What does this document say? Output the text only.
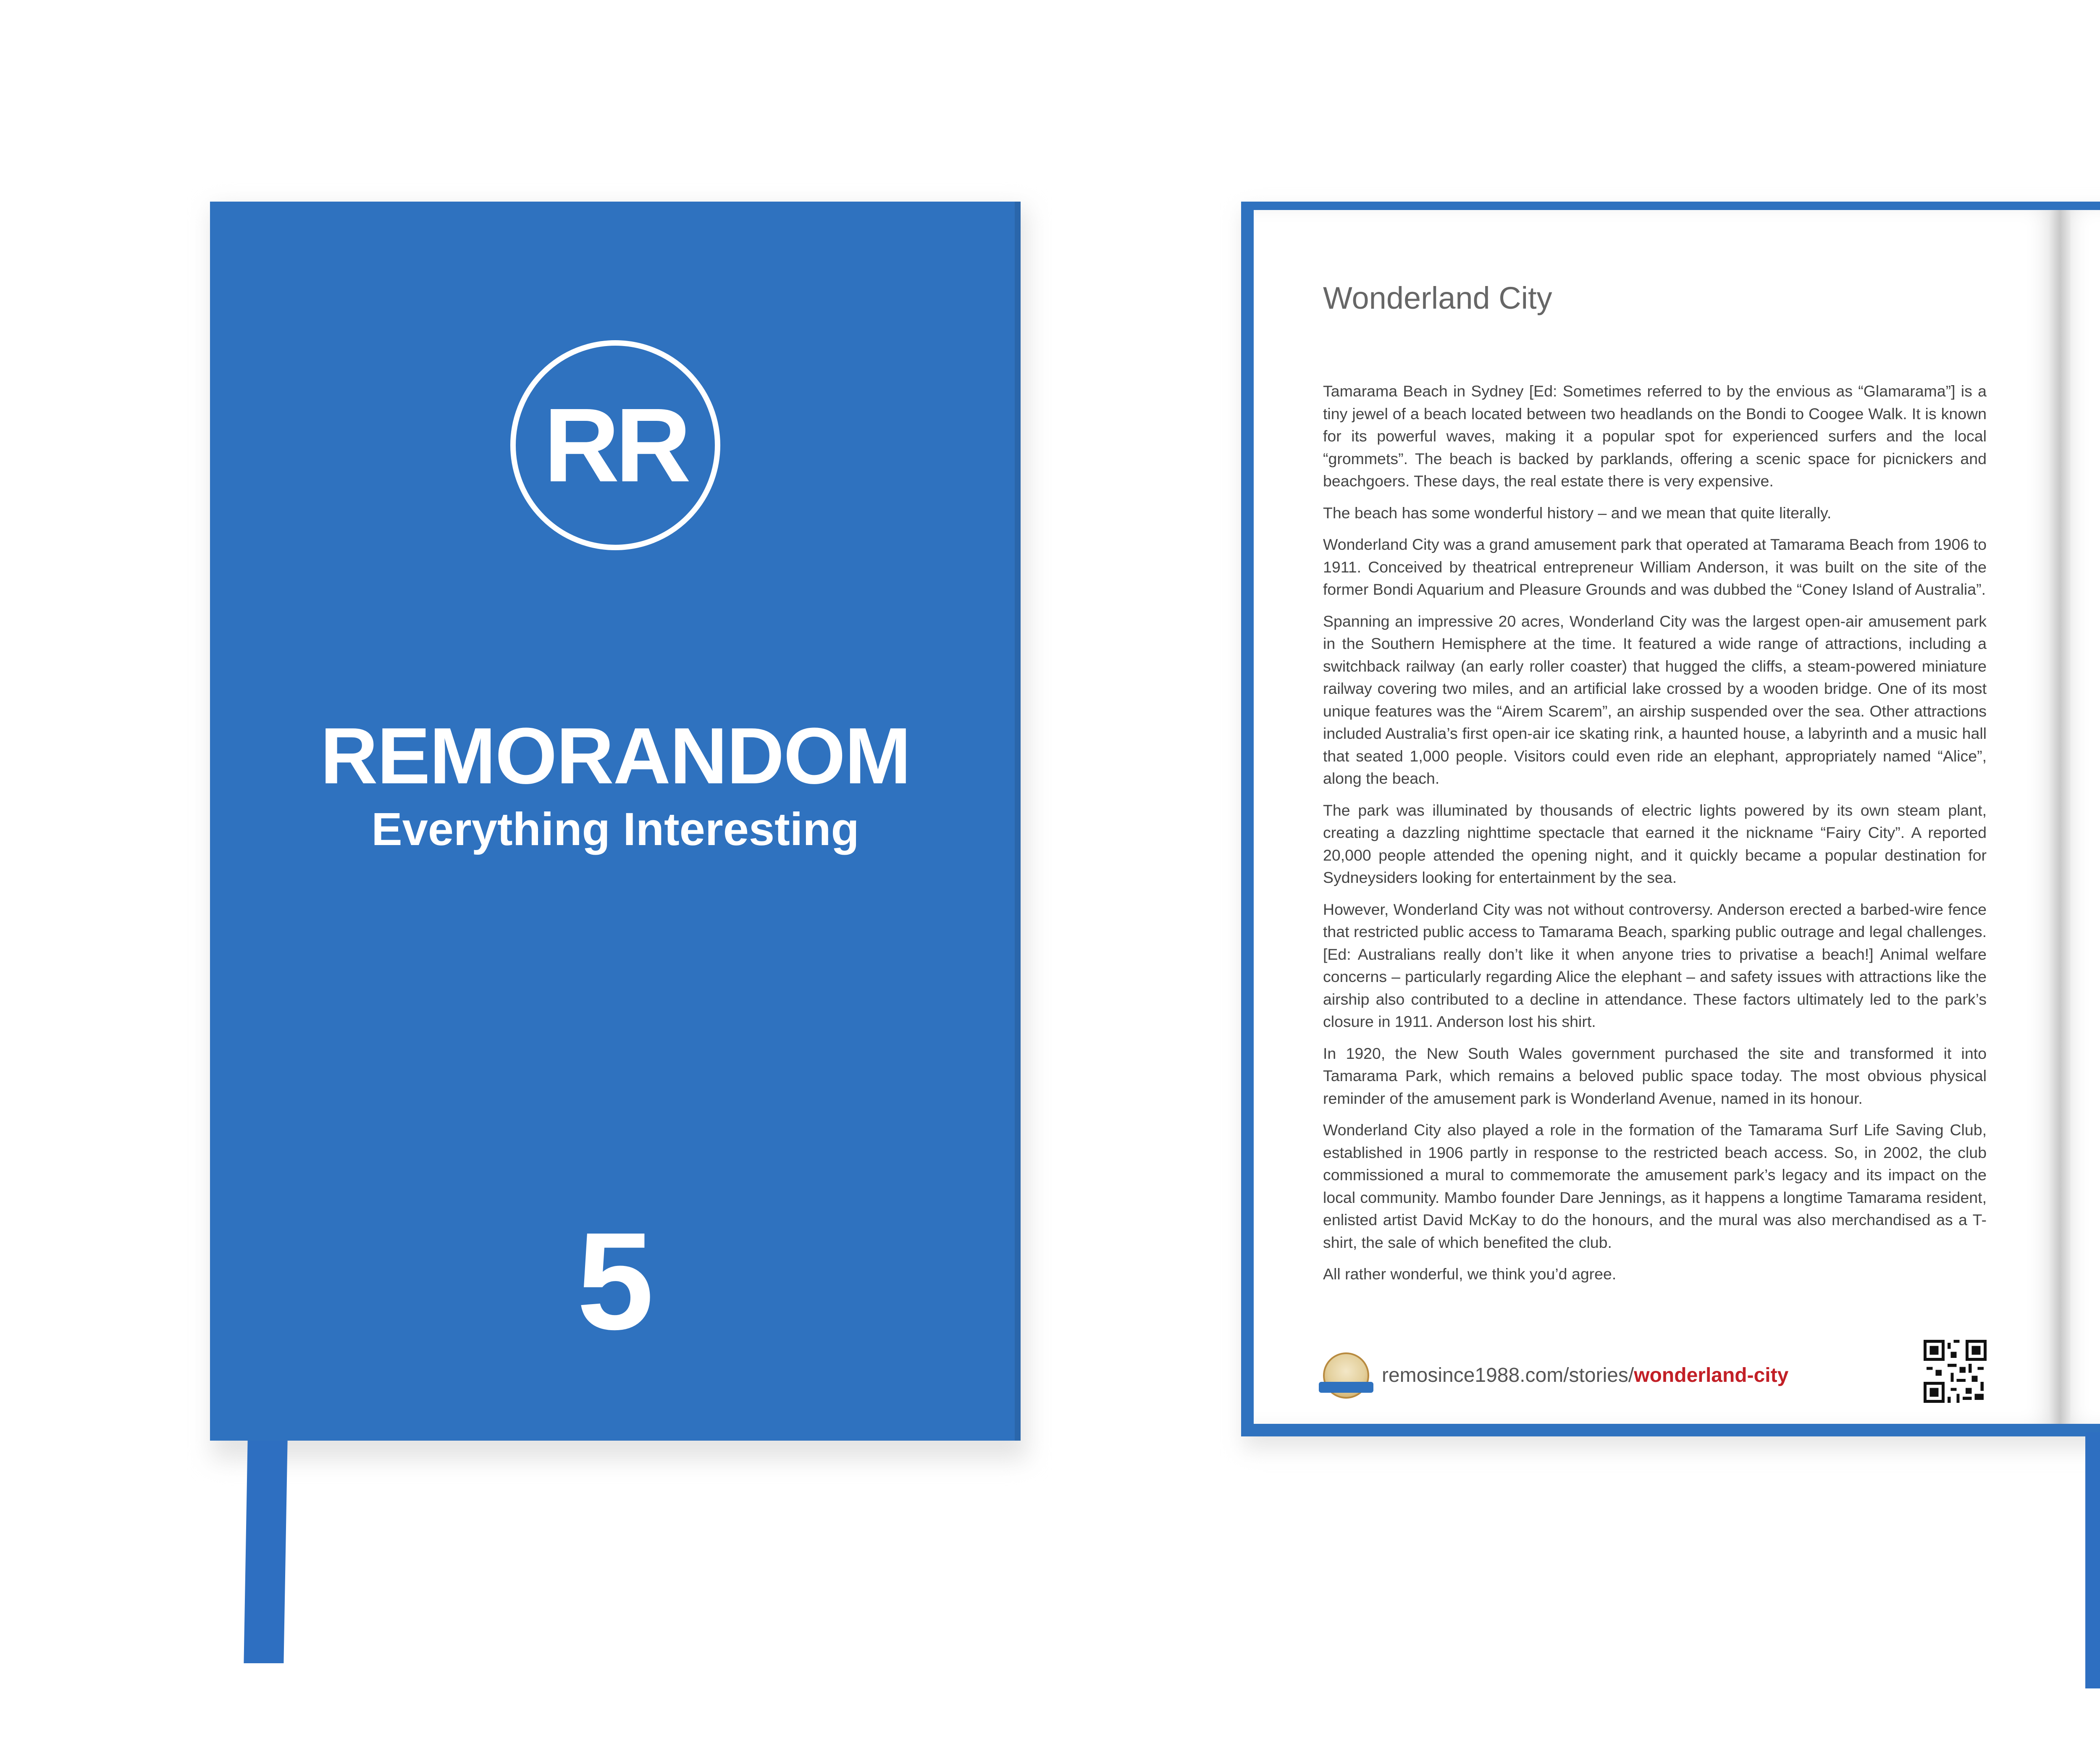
RR
REMORANDOM
Everything Interesting
5
Wonderland City

Tamarama Beach in Sydney [Ed: Sometimes referred to by the envious as “Glamarama”] is a tiny jewel of a beach located between two headlands on the Bondi to Coogee Walk. It is known for its powerful waves, making it a popular spot for experienced surfers and the local “grommets”. The beach is backed by parklands, offering a scenic space for picnickers and beachgoers. These days, the real estate there is very expensive.

The beach has some wonderful history – and we mean that quite literally.

Wonderland City was a grand amusement park that operated at Tamarama Beach from 1906 to 1911. Conceived by theatrical entrepreneur William Anderson, it was built on the site of the former Bondi Aquarium and Pleasure Grounds and was dubbed the “Coney Island of Australia”.

Spanning an impressive 20 acres, Wonderland City was the largest open-air amusement park in the Southern Hemisphere at the time. It featured a wide range of attractions, including a switchback railway (an early roller coaster) that hugged the cliffs, a steam-powered miniature railway covering two miles, and an artificial lake crossed by a wooden bridge. One of its most unique features was the “Airem Scarem”, an airship suspended over the sea. Other attractions included Australia’s first open-air ice skating rink, a haunted house, a labyrinth and a music hall that seated 1,000 people. Visitors could even ride an elephant, appropriately named “Alice”, along the beach.

The park was illuminated by thousands of electric lights powered by its own steam plant, creating a dazzling nighttime spectacle that earned it the nickname “Fairy City”. A reported 20,000 people attended the opening night, and it quickly became a popular destination for Sydneysiders looking for entertainment by the sea.

However, Wonderland City was not without controversy. Anderson erected a barbed-wire fence that restricted public access to Tamarama Beach, sparking public outrage and legal challenges. [Ed: Australians really don’t like it when anyone tries to privatise a beach!] Animal welfare concerns – particularly regarding Alice the elephant – and safety issues with attractions like the airship also contributed to a decline in attendance. These factors ultimately led to the park’s closure in 1911. Anderson lost his shirt.

In 1920, the New South Wales government purchased the site and transformed it into Tamarama Park, which remains a beloved public space today. The most obvious physical reminder of the amusement park is Wonderland Avenue, named in its honour.

Wonderland City also played a role in the formation of the Tamarama Surf Life Saving Club, established in 1906 partly in response to the restricted beach access. So, in 2002, the club commissioned a mural to commemorate the amusement park’s legacy and its impact on the local community. Mambo founder Dare Jennings, as it happens a longtime Tamarama resident, enlisted artist David McKay to do the honours, and the mural was also merchandised as a T-shirt, the sale of which benefited the club.

All rather wonderful, we think you’d agree.

remosince1988.com/stories/wonderland-city
